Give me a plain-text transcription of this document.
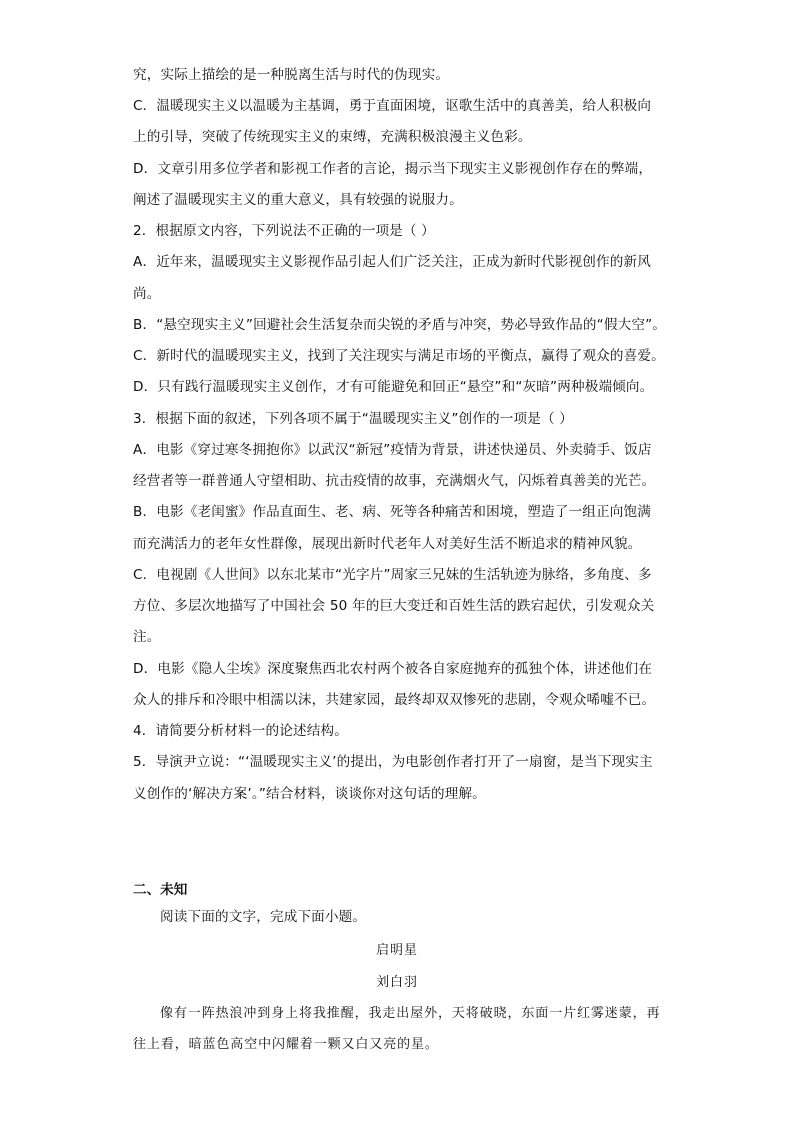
究，实际上描绘的是一种脱离生活与时代的伪现实。
C．温暖现实主义以温暖为主基调，勇于直面困境，讴歌生活中的真善美，给人积极向
上的引导，突破了传统现实主义的束缚，充满积极浪漫主义色彩。
D．文章引用多位学者和影视工作者的言论，揭示当下现实主义影视创作存在的弊端，
阐述了温暖现实主义的重大意义，具有较强的说服力。
2．根据原文内容，下列说法不正确的一项是（ ）
A．近年来，温暖现实主义影视作品引起人们广泛关注，正成为新时代影视创作的新风
尚。
B．“悬空现实主义”回避社会生活复杂而尖锐的矛盾与冲突，势必导致作品的“假大空”。
C．新时代的温暖现实主义，找到了关注现实与满足市场的平衡点，赢得了观众的喜爱。
D．只有践行温暖现实主义创作，才有可能避免和回正“悬空”和“灰暗”两种极端倾向。
3．根据下面的叙述，下列各项不属于“温暖现实主义”创作的一项是（ ）
A．电影《穿过寒冬拥抱你》以武汉“新冠”疫情为背景，讲述快递员、外卖骑手、饭店
经营者等一群普通人守望相助、抗击疫情的故事，充满烟火气，闪烁着真善美的光芒。
B．电影《老闺蜜》作品直面生、老、病、死等各种痛苦和困境，塑造了一组正向饱满
而充满活力的老年女性群像，展现出新时代老年人对美好生活不断追求的精神风貌。
C．电视剧《人世间》以东北某市“光字片”周家三兄妹的生活轨迹为脉络，多角度、多
方位、多层次地描写了中国社会 50 年的巨大变迁和百姓生活的跌宕起伏，引发观众关
注。
D．电影《隐人尘埃》深度聚焦西北农村两个被各自家庭抛弃的孤独个体，讲述他们在
众人的排斥和冷眼中相濡以沫，共建家园，最终却双双惨死的悲剧，令观众唏嘘不已。
4．请简要分析材料一的论述结构。
5．导演尹立说：“‘温暖现实主义’的提出，为电影创作者打开了一扇窗，是当下现实主
义创作的‘解决方案’。”结合材料，谈谈你对这句话的理解。
二、未知
阅读下面的文字，完成下面小题。
启明星
刘白羽
像有一阵热浪冲到身上将我推醒，我走出屋外，天将破晓，东面一片红雾迷蒙，再
往上看，暗蓝色高空中闪耀着一颗又白又亮的星。
